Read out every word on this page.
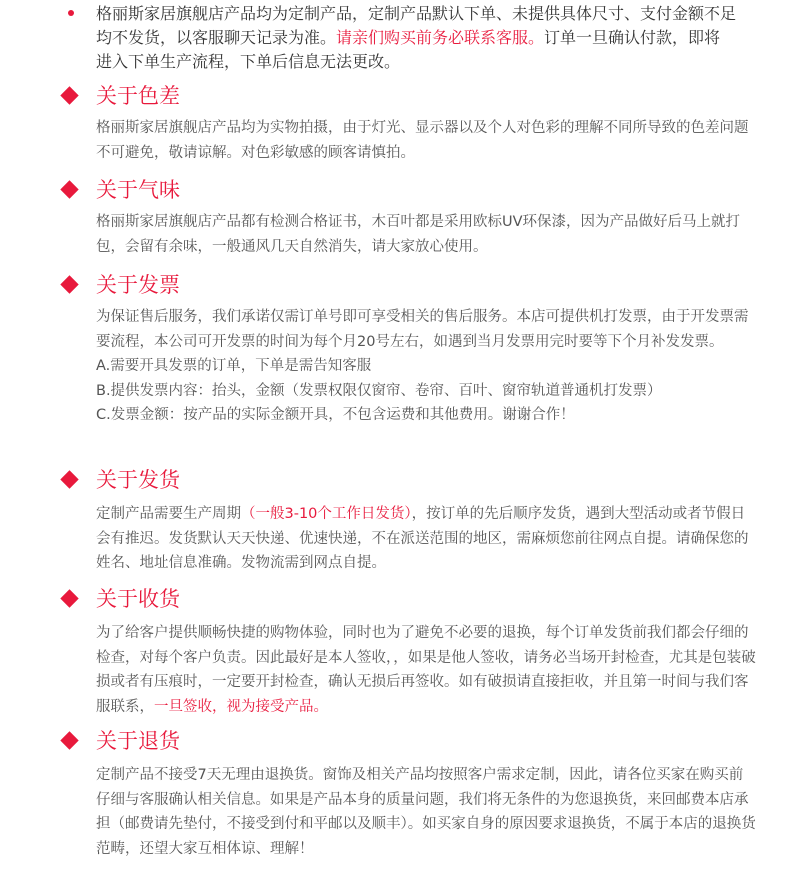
格丽斯家居旗舰店产品均为定制产品，定制产品默认下单、未提供具体尺寸、支付金额不足均不发货，以客服聊天记录为准。请亲们购买前务必联系客服。订单一旦确认付款，即将进入下单生产流程，下单后信息无法更改。

关于色差

格丽斯家居旗舰店产品均为实物拍摄，由于灯光、显示器以及个人对色彩的理解不同所导致的色差问题不可避免，敬请谅解。对色彩敏感的顾客请慎拍。

关于气味

格丽斯家居旗舰店产品都有检测合格证书，木百叶都是采用欧标UV环保漆，因为产品做好后马上就打包，会留有余味，一般通风几天自然消失，请大家放心使用。

关于发票

为保证售后服务，我们承诺仅需订单号即可享受相关的售后服务。本店可提供机打发票，由于开发票需要流程，本公司可开发票的时间为每个月20号左右，如遇到当月发票用完时要等下个月补发发票。

A.需要开具发票的订单，下单是需告知客服

B.提供发票内容：抬头，金额（发票权限仅窗帘、卷帘、百叶、窗帘轨道普通机打发票）

C.发票金额：按产品的实际金额开具，不包含运费和其他费用。谢谢合作！

关于发货

定制产品需要生产周期（一般3-10个工作日发货），按订单的先后顺序发货，遇到大型活动或者节假日会有推迟。发货默认天天快递、优速快递，不在派送范围的地区，需麻烦您前往网点自提。请确保您的姓名、地址信息准确。发物流需到网点自提。

关于收货

为了给客户提供顺畅快捷的购物体验，同时也为了避免不必要的退换，每个订单发货前我们都会仔细的检查，对每个客户负责。因此最好是本人签收，，如果是他人签收，请务必当场开封检查，尤其是包装破损或者有压痕时，一定要开封检查，确认无损后再签收。如有破损请直接拒收，并且第一时间与我们客服联系，一旦签收，视为接受产品。

关于退货

定制产品不接受7天无理由退换货。窗饰及相关产品均按照客户需求定制，因此，请各位买家在购买前仔细与客服确认相关信息。如果是产品本身的质量问题，我们将无条件的为您退换货，来回邮费本店承担（邮费请先垫付，不接受到付和平邮以及顺丰）。如买家自身的原因要求退换货，不属于本店的退换货范畴，还望大家互相体谅、理解！
